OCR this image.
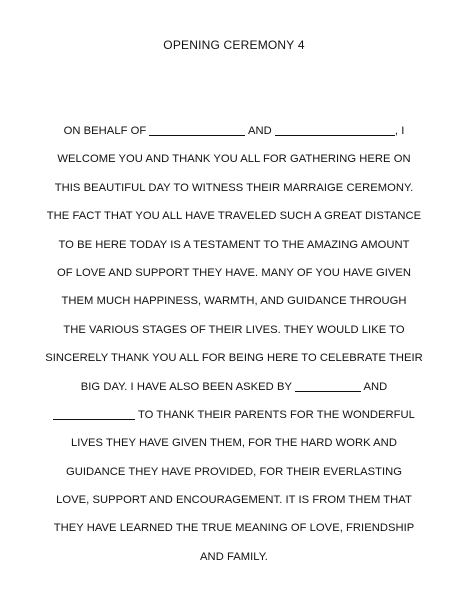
OPENING CEREMONY 4
ON BEHALF OF	AND	, I
WELCOME YOU AND THANK YOU ALL FOR GATHERING HERE ON
THIS BEAUTIFUL DAY TO WITNESS THEIR MARRAIGE CEREMONY.
THE FACT THAT YOU ALL HAVE TRAVELED SUCH A GREAT DISTANCE
TO BE HERE TODAY IS A TESTAMENT TO THE AMAZING AMOUNT
OF LOVE AND SUPPORT THEY HAVE. MANY OF YOU HAVE GIVEN
THEM MUCH HAPPINESS, WARMTH, AND GUIDANCE THROUGH
THE VARIOUS STAGES OF THEIR LIVES. THEY WOULD LIKE TO
SINCERELY THANK YOU ALL FOR BEING HERE TO CELEBRATE THEIR
BIG DAY. I HAVE ALSO BEEN ASKED BY	AND
TO THANK THEIR PARENTS FOR THE WONDERFUL
LIVES THEY HAVE GIVEN THEM, FOR THE HARD WORK AND
GUIDANCE THEY HAVE PROVIDED, FOR THEIR EVERLASTING
LOVE, SUPPORT AND ENCOURAGEMENT. IT IS FROM THEM THAT
THEY HAVE LEARNED THE TRUE MEANING OF LOVE, FRIENDSHIP
AND FAMILY.
